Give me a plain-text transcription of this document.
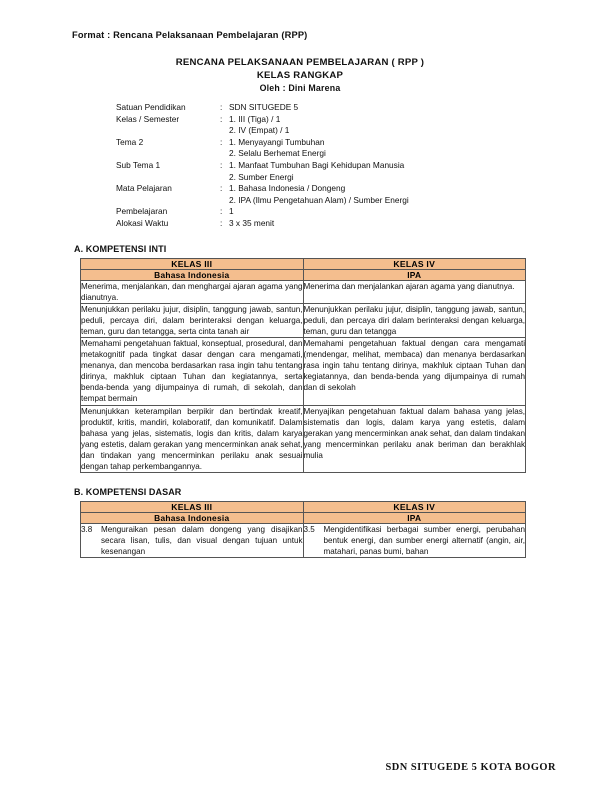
Format : Rencana Pelaksanaan Pembelajaran (RPP)
RENCANA PELAKSANAAN PEMBELAJARAN ( RPP )
KELAS RANGKAP
Oleh : Dini Marena
Satuan Pendidikan	: SDN SITUGEDE 5
Kelas / Semester	: 1. III (Tiga) / 1
2. IV (Empat) / 1
Tema 2	: 1. Menyayangi Tumbuhan
2. Selalu Berhemat Energi
Sub Tema 1	: 1. Manfaat Tumbuhan Bagi Kehidupan Manusia
2. Sumber Energi
Mata Pelajaran	: 1. Bahasa Indonesia / Dongeng
2. IPA (Ilmu Pengetahuan Alam) / Sumber Energi
Pembelajaran	: 1
Alokasi Waktu	: 3 x 35 menit
A. KOMPETENSI INTI
KELAS III	KELAS IV
Bahasa Indonesia	IPA
Menerima, menjalankan, dan menghargai ajaran agama yang dianutnya.	Menerima dan menjalankan ajaran agama yang dianutnya.
Menunjukkan perilaku jujur, disiplin, tanggung jawab, santun, peduli, percaya diri, dalam berinteraksi dengan keluarga, teman, guru dan tetangga, serta cinta tanah air	Menunjukkan perilaku jujur, disiplin, tanggung jawab, santun, peduli, dan percaya diri dalam berinteraksi dengan keluarga, teman, guru dan tetangga
Memahami pengetahuan faktual, konseptual, prosedural, dan metakognitif pada tingkat dasar dengan cara mengamati, menanya, dan mencoba berdasarkan rasa ingin tahu tentang dirinya, makhluk ciptaan Tuhan dan kegiatannya, serta benda-benda yang dijumpainya di rumah, di sekolah, dan tempat bermain	Memahami pengetahuan faktual dengan cara mengamati (mendengar, melihat, membaca) dan menanya berdasarkan rasa ingin tahu tentang dirinya, makhluk ciptaan Tuhan dan kegiatannya, dan benda-benda yang dijumpainya di rumah dan di sekolah
Menunjukkan keterampilan berpikir dan bertindak kreatif, produktif, kritis, mandiri, kolaboratif, dan komunikatif. Dalam bahasa yang jelas, sistematis, logis dan kritis, dalam karya yang estetis, dalam gerakan yang mencerminkan anak sehat, dan tindakan yang mencerminkan perilaku anak sesuai dengan tahap perkembangannya.	Menyajikan pengetahuan faktual dalam bahasa yang jelas, sistematis dan logis, dalam karya yang estetis, dalam gerakan yang mencerminkan anak sehat, dan dalam tindakan yang mencerminkan perilaku anak beriman dan berakhlak mulia
B. KOMPETENSI DASAR
KELAS III	KELAS IV
Bahasa Indonesia	IPA

3.8 Menguraikan pesan dalam dongeng yang disajikan secara lisan, tulis, dan visual dengan tujuan untuk kesenangan	3.5 Mengidentifikasi berbagai sumber energi, perubahan bentuk energi, dan sumber energi alternatif (angin, air, matahari, panas bumi, bahan
SDN SITUGEDE 5 KOTA BOGOR
